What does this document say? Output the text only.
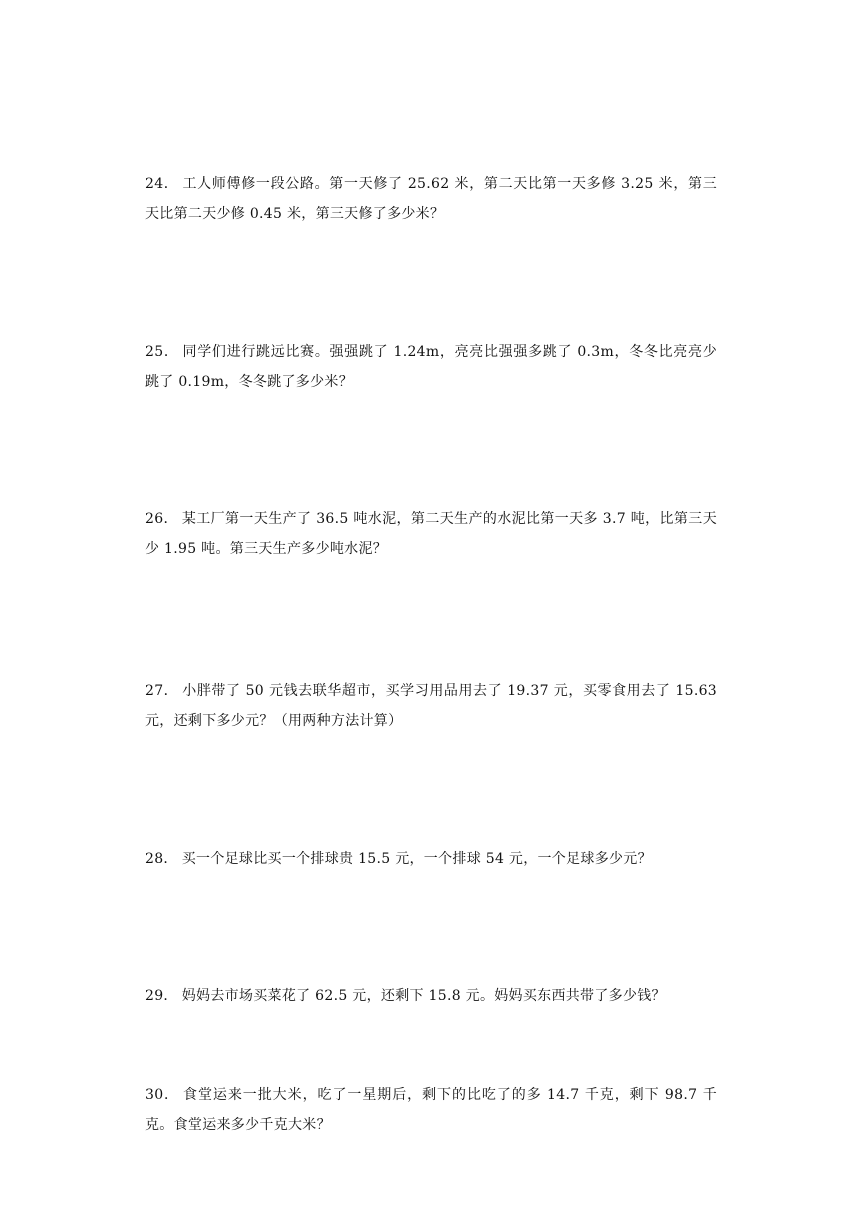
24． 工人师傅修一段公路。第一天修了 25.62 米，第二天比第一天多修 3.25 米，第三天比第二天少修 0.45 米，第三天修了多少米？
25． 同学们进行跳远比赛。强强跳了 1.24m，亮亮比强强多跳了 0.3m，冬冬比亮亮少跳了 0.19m，冬冬跳了多少米？
26． 某工厂第一天生产了 36.5 吨水泥，第二天生产的水泥比第一天多 3.7 吨，比第三天少 1.95 吨。第三天生产多少吨水泥？
27． 小胖带了 50 元钱去联华超市，买学习用品用去了 19.37 元，买零食用去了 15.63 元，还剩下多少元？（用两种方法计算）
28． 买一个足球比买一个排球贵 15.5 元，一个排球 54 元，一个足球多少元？
29． 妈妈去市场买菜花了 62.5 元，还剩下 15.8 元。妈妈买东西共带了多少钱？
30． 食堂运来一批大米，吃了一星期后，剩下的比吃了的多 14.7 千克，剩下 98.7 千克。食堂运来多少千克大米？
